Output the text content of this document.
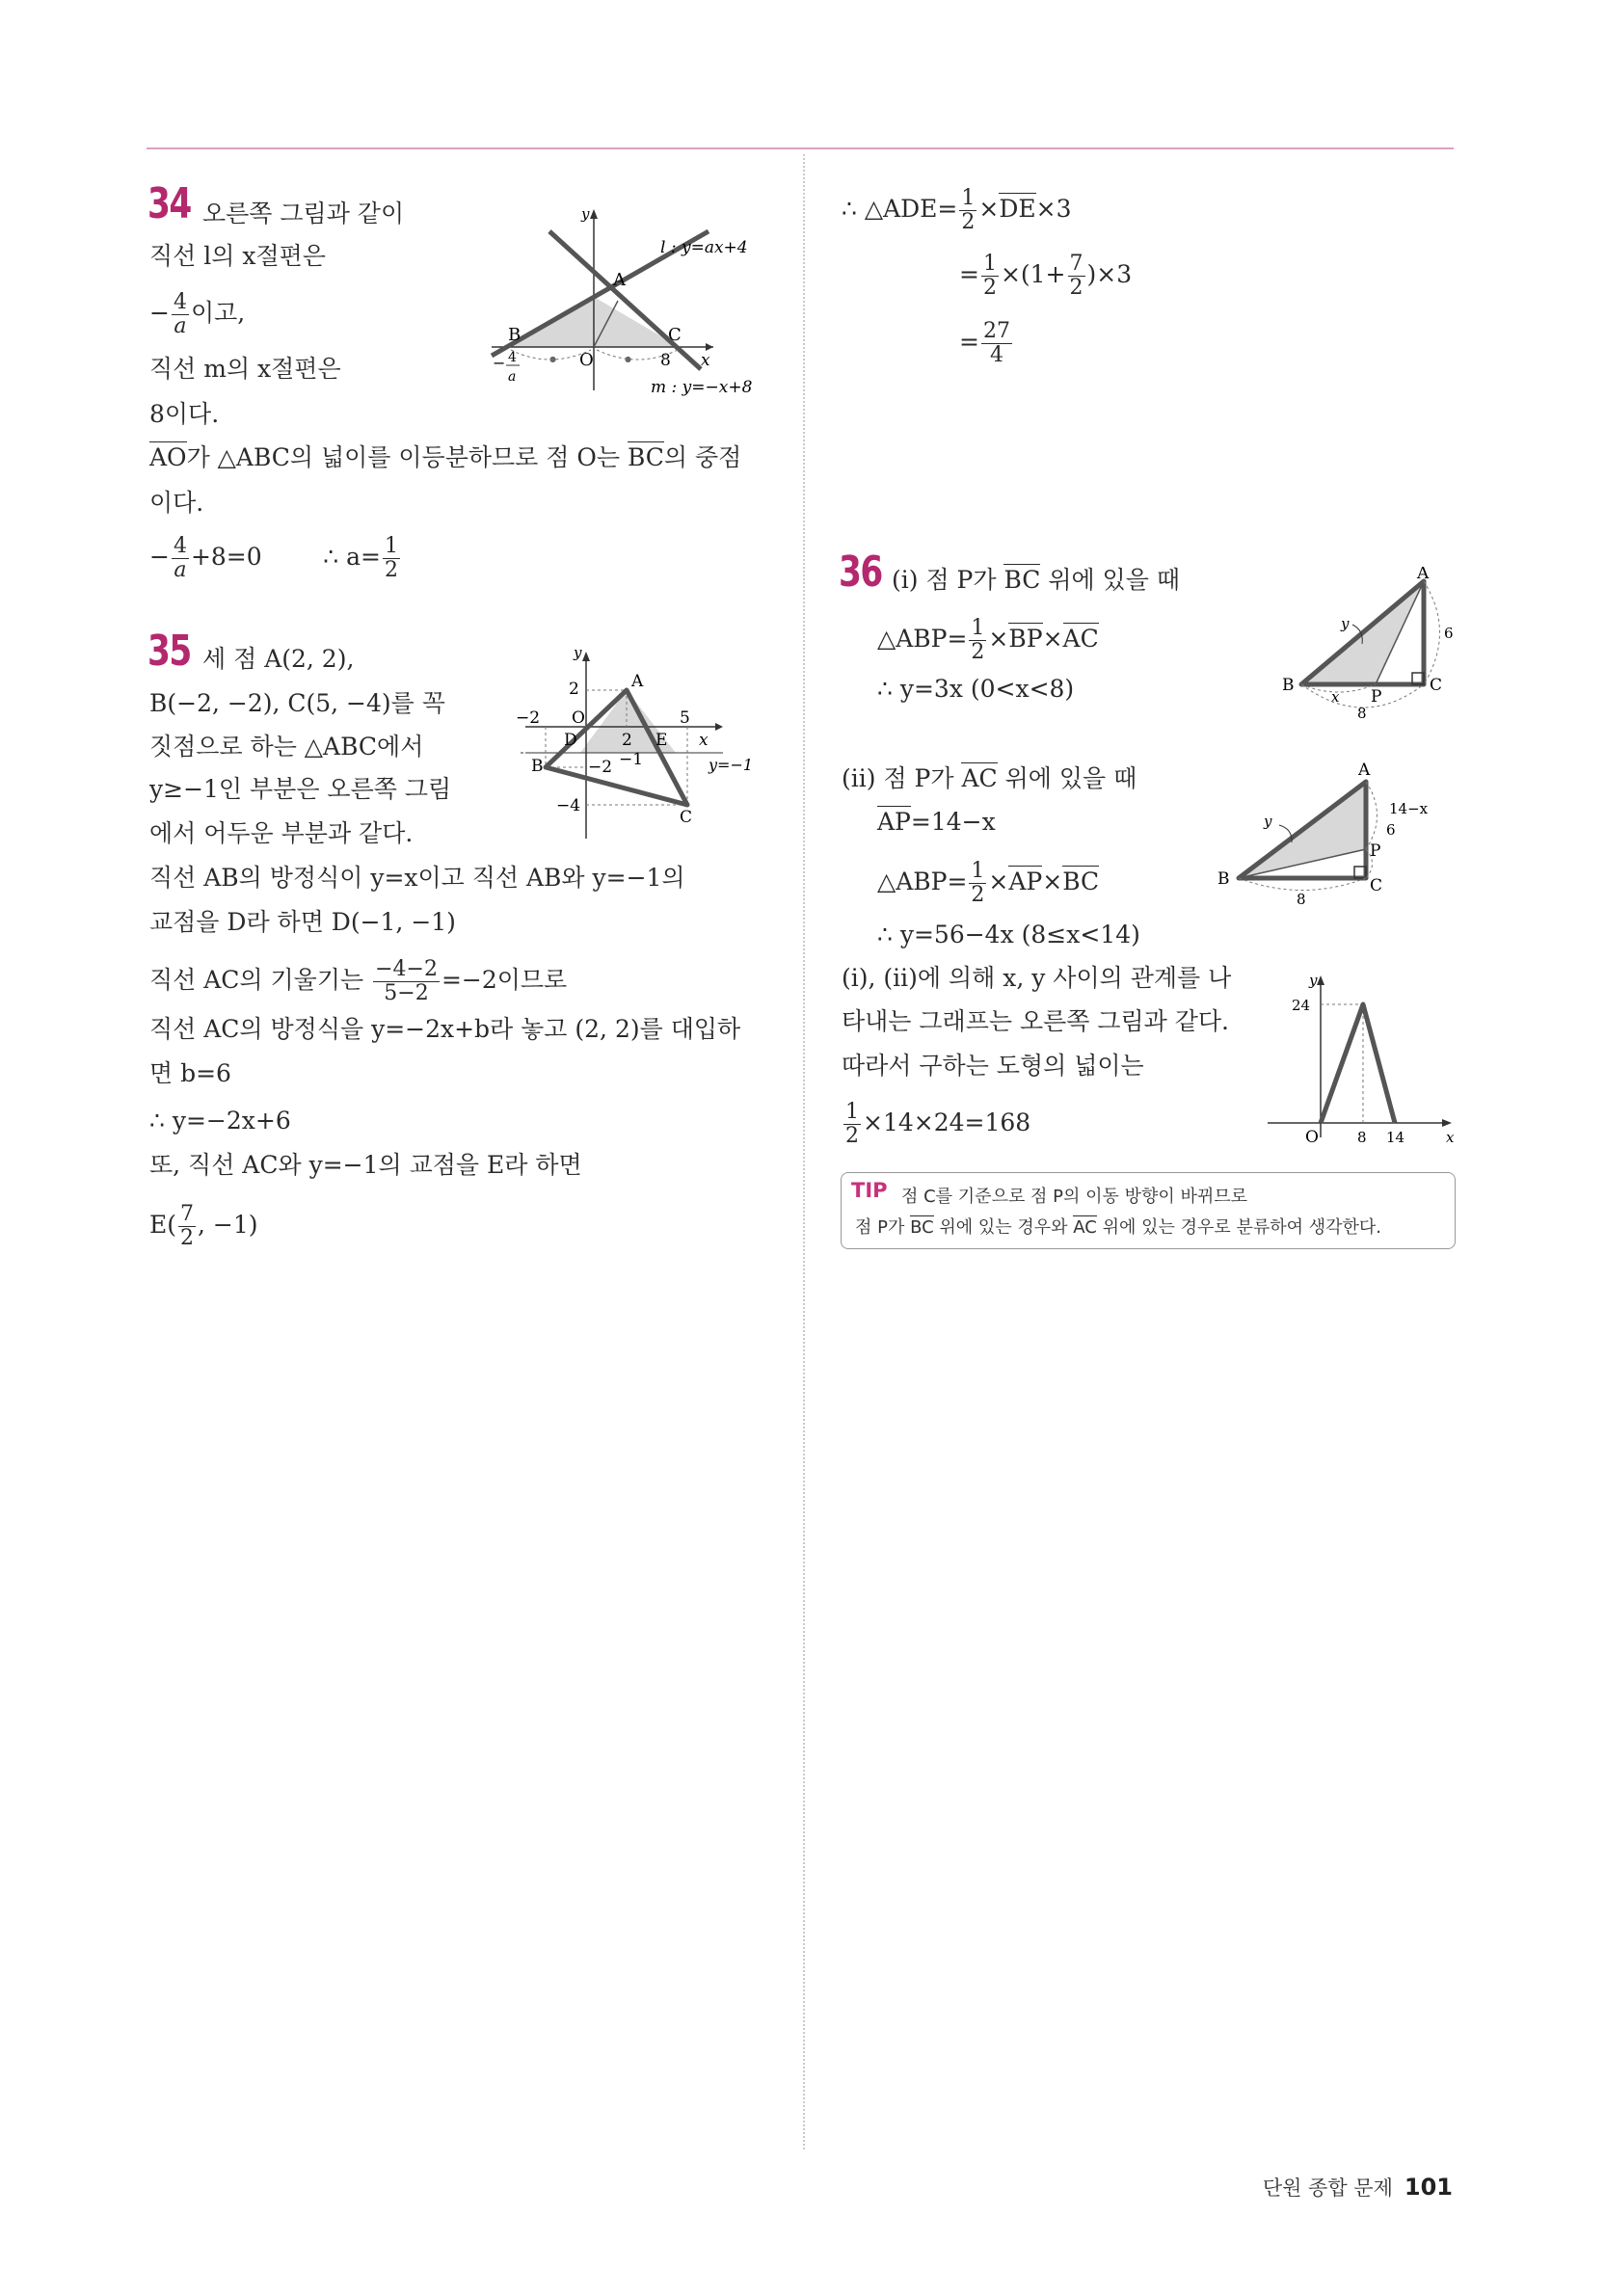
34 오른쪽 그림과 같이
직선 l의 x절편은
− $\frac{4}{a}$ 이고,
직선 m의 x절편은
8이다.
AO가 △ABC의 넓이를 이등분하므로 점 O는 BC의 중점
이다.
− $\frac{4}{a} +8=0$        ∴ $a= \frac{1}{2}$
y
l : y=ax+4
m : y=−x+8
A
B	C
O	x
8
●	●
− 4
a
35 세 점 A(2, 2),
B(−2, −2), C(5, −4)를 꼭
짓점으로 하는 △ABC에서
y≥−1인 부분은 오른쪽 그림
에서 어두운 부분과 같다.
직선 AB의 방정식이 y=x이고 직선 AB와 y=−1의
교점을 D라 하면 D(−1, −1)
직선 AC의 기울기는 $\frac{-4-2}{5-2} =-2$이므로
직선 AC의 방정식을 y=−2x+b라 놓고 (2, 2)를 대입하
면 b=6
∴ y=−2x+6
또, 직선 AC와 y=−1의 교점을 E라 하면
$E( \frac{7}{2}$ , −1)
y
A
B
C
D	E
O
x
2
−2	5
2
−2
−4
−1	y=−1
∴ △ADE= $\frac{1}{2} \times DE\times 3$
= $\frac{1}{2} \times(1+ \frac{7}{2} )\times 3$
= $\frac{27}{4}$
36 (ⅰ) 점 P가 BC 위에 있을 때
△ABP= $\frac{1}{2} \times BP\times AC$
∴ y=3x (0<x<8)
(ⅱ) 점 P가 AC 위에 있을 때
AP=14−x
△ABP= $\frac{1}{2} \times AP\times BC$
∴ y=56−4x (8≤x<14)
(ⅰ), (ⅱ)에 의해 x, y 사이의 관계를 나
타내는 그래프는 오른쪽 그림과 같다.
따라서 구하는 도형의 넓이는
$\frac{1}{2} \times 14\times 24=168$
A
B	C
P
y
x
6
8
A
B	C
P
y
14−x
6
8
y
x
O
24
8 14
TIP 점 C를 기준으로 점 P의 이동 방향이 바뀌므로
점 P가 BC 위에 있는 경우와 AC 위에 있는 경우로 분류하여 생각한다.
단원 종합 문제 101
